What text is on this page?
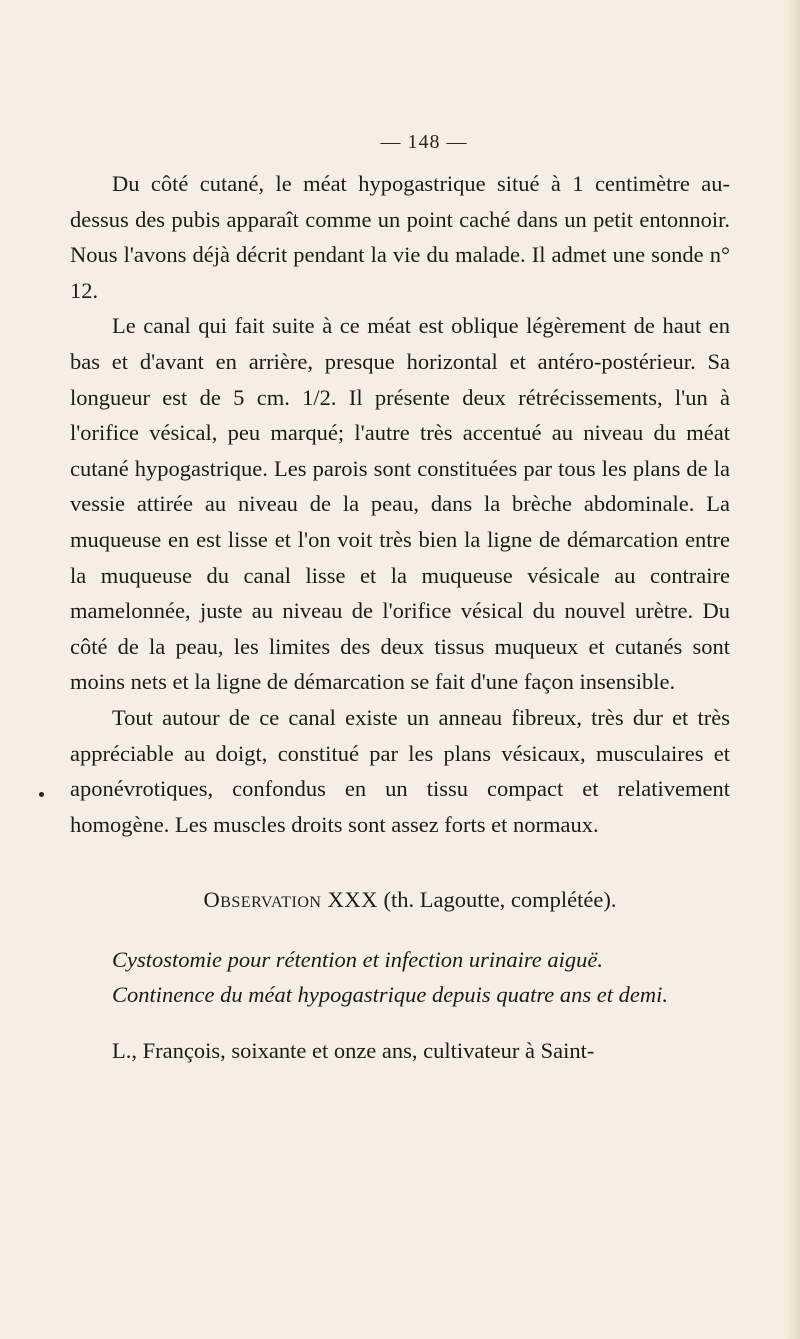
— 148 —

Du côté cutané, le méat hypogastrique situé à 1 centimètre au-dessus des pubis apparaît comme un point caché dans un petit entonnoir. Nous l'avons déjà décrit pendant la vie du malade. Il admet une sonde n° 12.

Le canal qui fait suite à ce méat est oblique légèrement de haut en bas et d'avant en arrière, presque horizontal et antéro-postérieur. Sa longueur est de 5 cm. 1/2. Il présente deux rétrécissements, l'un à l'orifice vésical, peu marqué; l'autre très accentué au niveau du méat cutané hypogastrique. Les parois sont constituées par tous les plans de la vessie attirée au niveau de la peau, dans la brèche abdominale. La muqueuse en est lisse et l'on voit très bien la ligne de démarcation entre la muqueuse du canal lisse et la muqueuse vésicale au contraire mamelonnée, juste au niveau de l'orifice vésical du nouvel urètre. Du côté de la peau, les limites des deux tissus muqueux et cutanés sont moins nets et la ligne de démarcation se fait d'une façon insensible.

Tout autour de ce canal existe un anneau fibreux, très dur et très appréciable au doigt, constitué par les plans vésicaux, musculaires et aponévrotiques, confondus en un tissu compact et relativement homogène. Les muscles droits sont assez forts et normaux.

Observation XXX (th. Lagoutte, complétée).
Cystostomie pour rétention et infection urinaire aiguë.
Continence du méat hypogastrique depuis quatre ans et demi.

L., François, soixante et onze ans, cultivateur à Saint-
